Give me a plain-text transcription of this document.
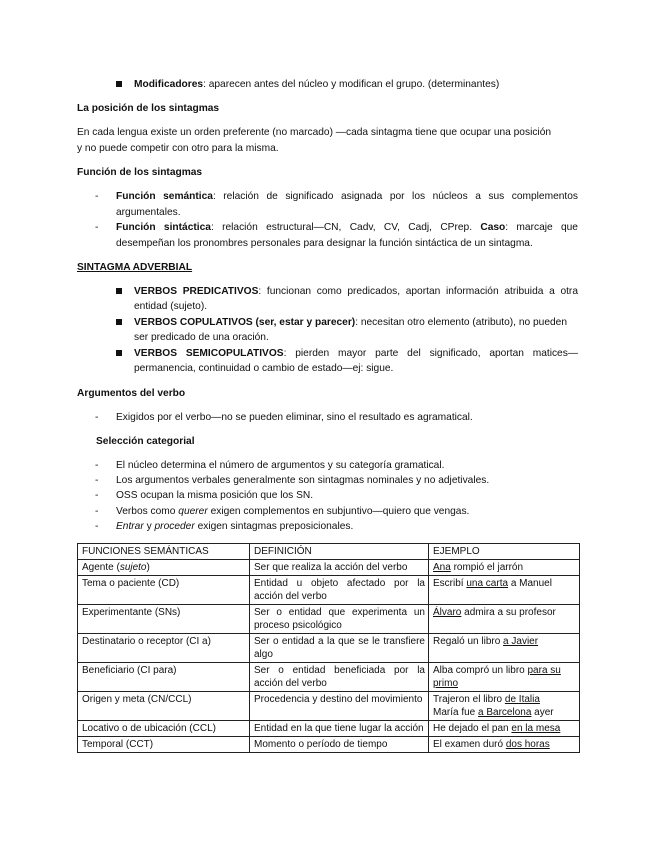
Modificadores: aparecen antes del núcleo y modifican el grupo. (determinantes)
La posición de los sintagmas
En cada lengua existe un orden preferente (no marcado) —cada sintagma tiene que ocupar una posición
y no puede competir con otro para la misma.
Función de los sintagmas
- Función semántica: relación de significado asignada por los núcleos a sus complementos
argumentales.
- Función sintáctica: relación estructural—CN, Cadv, CV, Cadj, CPrep. Caso: marcaje que
desempeñan los pronombres personales para designar la función sintáctica de un sintagma.
SINTAGMA ADVERBIAL
VERBOS PREDICATIVOS: funcionan como predicados, aportan información atribuida a otra
entidad (sujeto).
VERBOS COPULATIVOS (ser, estar y parecer): necesitan otro elemento (atributo), no pueden
ser predicado de una oración.
VERBOS SEMICOPULATIVOS: pierden mayor parte del significado, aportan matices—
permanencia, continuidad o cambio de estado—ej: sigue.
Argumentos del verbo
- Exigidos por el verbo—no se pueden eliminar, sino el resultado es agramatical.
Selección categorial
- El núcleo determina el número de argumentos y su categoría gramatical.
- Los argumentos verbales generalmente son sintagmas nominales y no adjetivales.
- OSS ocupan la misma posición que los SN.
- Verbos como querer exigen complementos en subjuntivo—quiero que vengas.
- Entrar y proceder exigen sintagmas preposicionales.
FUNCIONES SEMÁNTICAS	DEFINICIÓN	EJEMPLO
Agente (sujeto)	Ser que realiza la acción del verbo	Ana rompió el jarrón
Tema o paciente (CD)	Entidad u objeto afectado por la acción del verbo	Escribí una carta a Manuel
Experimentante (SNs)	Ser o entidad que experimenta un proceso psicológico	Álvaro admira a su profesor
Destinatario o receptor (CI a)	Ser o entidad a la que se le transfiere algo	Regaló un libro a Javier
Beneficiario (CI para)	Ser o entidad beneficiada por la acción del verbo	Alba compró un libro para su primo
Origen y meta (CN/CCL)	Procedencia y destino del movimiento	Trajeron el libro de Italia
María fue a Barcelona ayer
Locativo o de ubicación (CCL)	Entidad en la que tiene lugar la acción	He dejado el pan en la mesa
Temporal (CCT)	Momento o período de tiempo	El examen duró dos horas
